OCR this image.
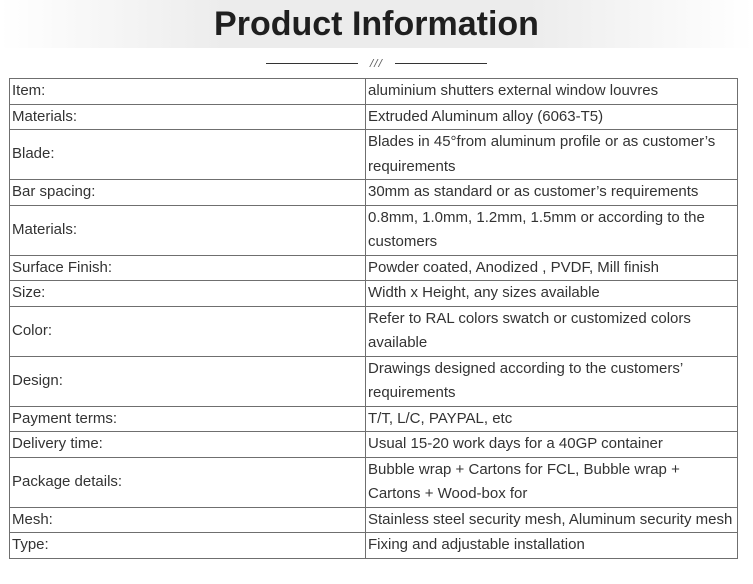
Product Information
///
Item:	aluminium shutters external window louvres
Materials:	Extruded Aluminum alloy (6063-T5)
Blade:	Blades in 45°from aluminum profile or as customer’s requirements
Bar spacing:	30mm as standard or as customer’s requirements
Materials:	0.8mm, 1.0mm, 1.2mm, 1.5mm or according to the customers
Surface Finish:	Powder coated, Anodized , PVDF, Mill finish
Size:	Width x Height, any sizes available
Color:	Refer to RAL colors swatch or customized colors available
Design:	Drawings designed according to the customers’ requirements
Payment terms:	T/T, L/C, PAYPAL, etc
Delivery time:	Usual 15-20 work days for a 40GP container
Package details:	Bubble wrap + Cartons for FCL, Bubble wrap + Cartons + Wood-box for
Mesh:	Stainless steel security mesh, Aluminum security mesh
Type:	Fixing and adjustable installation
